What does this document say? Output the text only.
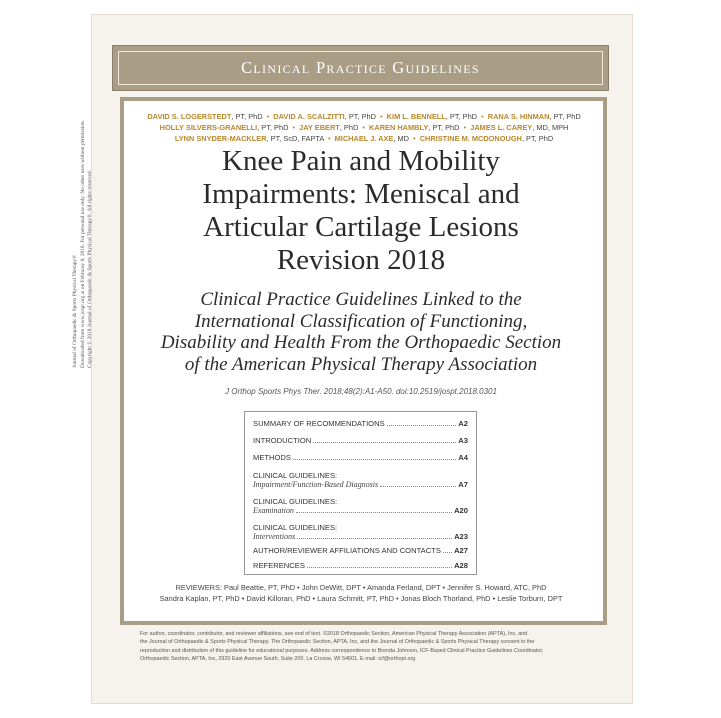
Clinical Practice Guidelines
DAVID S. LOGERSTEDT, PT, PhD • DAVID A. SCALZITTI, PT, PhD • KIM L. BENNELL, PT, PhD • RANA S. HINMAN, PT, PhD
HOLLY SILVERS-GRANELLI, PT, PhD • JAY EBERT, PhD • KAREN HAMBLY, PT, PhD • JAMES L. CAREY, MD, MPH
LYNN SNYDER-MACKLER, PT, ScD, FAPTA • MICHAEL J. AXE, MD • CHRISTINE M. MCDONOUGH, PT, PhD
Knee Pain and Mobility
Impairments: Meniscal and
Articular Cartilage Lesions
Revision 2018
Clinical Practice Guidelines Linked to the
International Classification of Functioning,
Disability and Health From the Orthopaedic Section
of the American Physical Therapy Association
J Orthop Sports Phys Ther. 2018;48(2):A1-A50. doi:10.2519/jospt.2018.0301
SUMMARY OF RECOMMENDATIONS	A2
INTRODUCTION	A3
METHODS	A4
CLINICAL GUIDELINES:
Impairment/Function-Based Diagnosis	A7
CLINICAL GUIDELINES:
Examination	A20
CLINICAL GUIDELINES:
Interventions	A23
AUTHOR/REVIEWER AFFILIATIONS AND CONTACTS A27
REFERENCES	A28
REVIEWERS: Paul Beattie, PT, PhD • John DeWitt, DPT • Amanda Ferland, DPT • Jennifer S. Howard, ATC, PhD
Sandra Kaplan, PT, PhD • David Killoran, PhD • Laura Schmitt, PT, PhD • Jonas Bloch Thorland, PhD • Leslie Torburn, DPT
For author, coordinator, contributor, and reviewer affiliations, see end of text. ©2018 Orthopaedic Section, American Physical Therapy Association (APTA), Inc, and
the Journal of Orthopaedic & Sports Physical Therapy. The Orthopaedic Section, APTA, Inc, and the Journal of Orthopaedic & Sports Physical Therapy consent to the
reproduction and distribution of this guideline for educational purposes. Address correspondence to Brenda Johnson, ICF-Based Clinical Practice Guidelines Coordinator,
Orthopaedic Section, APTA, Inc, 2920 East Avenue South, Suite 200, La Crosse, WI 54601. E-mail: icf@orthopt.org
Journal of Orthopaedic & Sports Physical Therapy® Downloaded from www.jospt.org at on February 8, 2018. For personal use only. No other uses without permission. Copyright © 2018 Journal of Orthopaedic & Sports Physical Therapy®. All rights reserved.
